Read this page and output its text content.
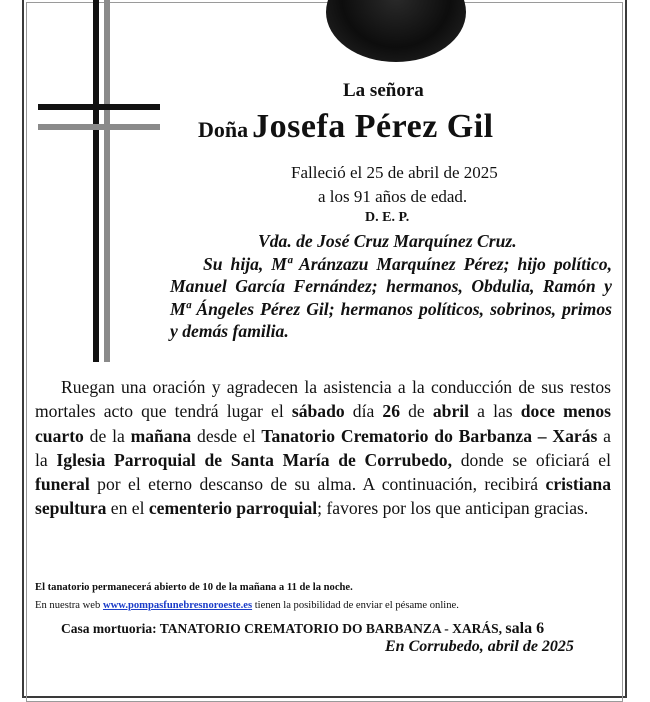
La señora
Doña Josefa Pérez Gil
Falleció el 25 de abril de 2025
a los 91 años de edad.
D. E. P.
Vda. de José Cruz Marquínez Cruz.
Su hija, Mª Aránzazu Marquínez Pérez; hijo político, Manuel García Fernández; hermanos, Obdulia, Ramón y Mª Ángeles Pérez Gil; hermanos políticos, sobrinos, primos y demás familia.

Ruegan una oración y agradecen la asistencia a la conducción de sus restos mortales acto que tendrá lugar el sábado día 26 de abril a las doce menos cuarto de la mañana desde el Tanatorio Crematorio do Barbanza – Xarás a la Iglesia Parroquial de Santa María de Corrubedo, donde se oficiará el funeral por el eterno descanso de su alma. A continuación, recibirá cristiana sepultura en el cementerio parroquial; favores por los que anticipan gracias.

El tanatorio permanecerá abierto de 10 de la mañana a 11 de la noche.
En nuestra web www.pompasfunebresnoroeste.es tienen la posibilidad de enviar el pésame online.
Casa mortuoria: TANATORIO CREMATORIO DO BARBANZA - XARÁS, sala 6
En Corrubedo, abril de 2025
